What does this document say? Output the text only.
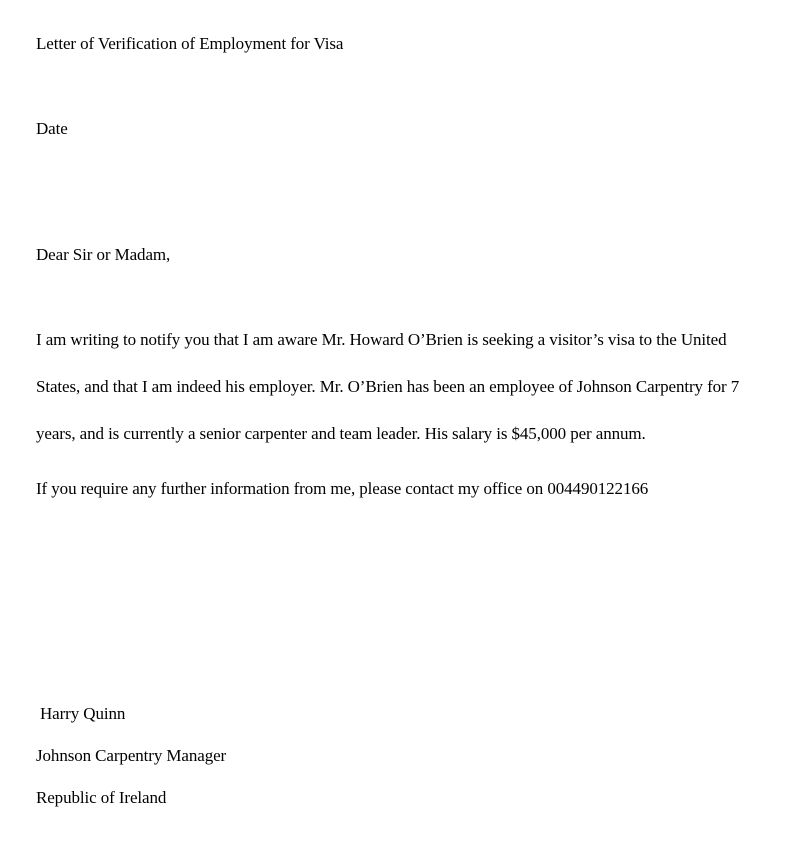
Letter of Verification of Employment for Visa
Date
Dear Sir or Madam,
I am writing to notify you that I am aware Mr. Howard O’Brien is seeking a visitor’s visa to the United
States, and that I am indeed his employer. Mr. O’Brien has been an employee of Johnson Carpentry for 7
years, and is currently a senior carpenter and team leader. His salary is $45,000 per annum.
If you require any further information from me, please contact my office on 004490122166
Harry Quinn
Johnson Carpentry Manager
Republic of Ireland
